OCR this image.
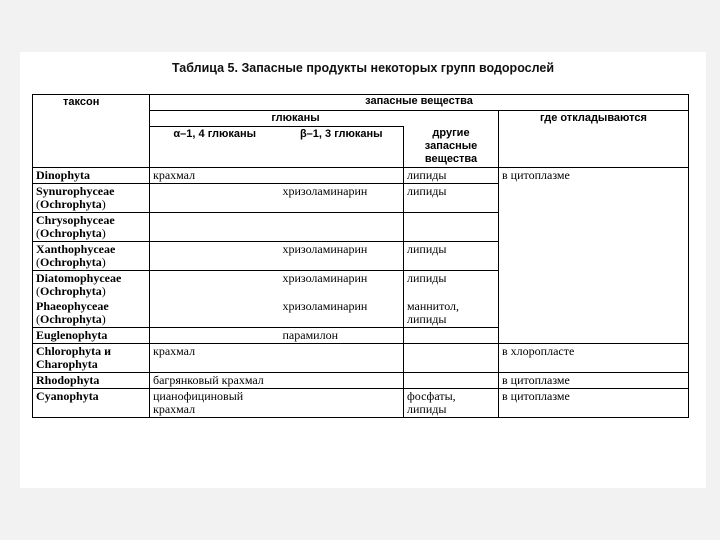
Таблица 5. Запасные продукты некоторых групп водорослей
таксон	запасные вещества			

	глюканы			где откладываются
	α–1, 4 глюканы	β–1, 3 глюканы	другие запасные вещества	
Dinophyta	крахмал		липиды	в цитоплазме
Synurophyceae
(Ochrophyta)		хризоламинарин	липиды	
Chrysophyceae
(Ochrophyta)				
Xanthophyceae
(Ochrophyta)		хризоламинарин	липиды	
Diatomophyceae
(Ochrophyta)		хризоламинарин	липиды	
Phaeophyceae
(Ochrophyta)		хризоламинарин	маннитол, липиды	
Euglenophyta		парамилон		
Chlorophyta и Charophyta	крахмал			в хлоропласте
Rhodophyta	багрянковый крахмал			в цитоплазме
Cyanophyta	цианофициновый крахмал		фосфаты, липиды	в цитоплазме
